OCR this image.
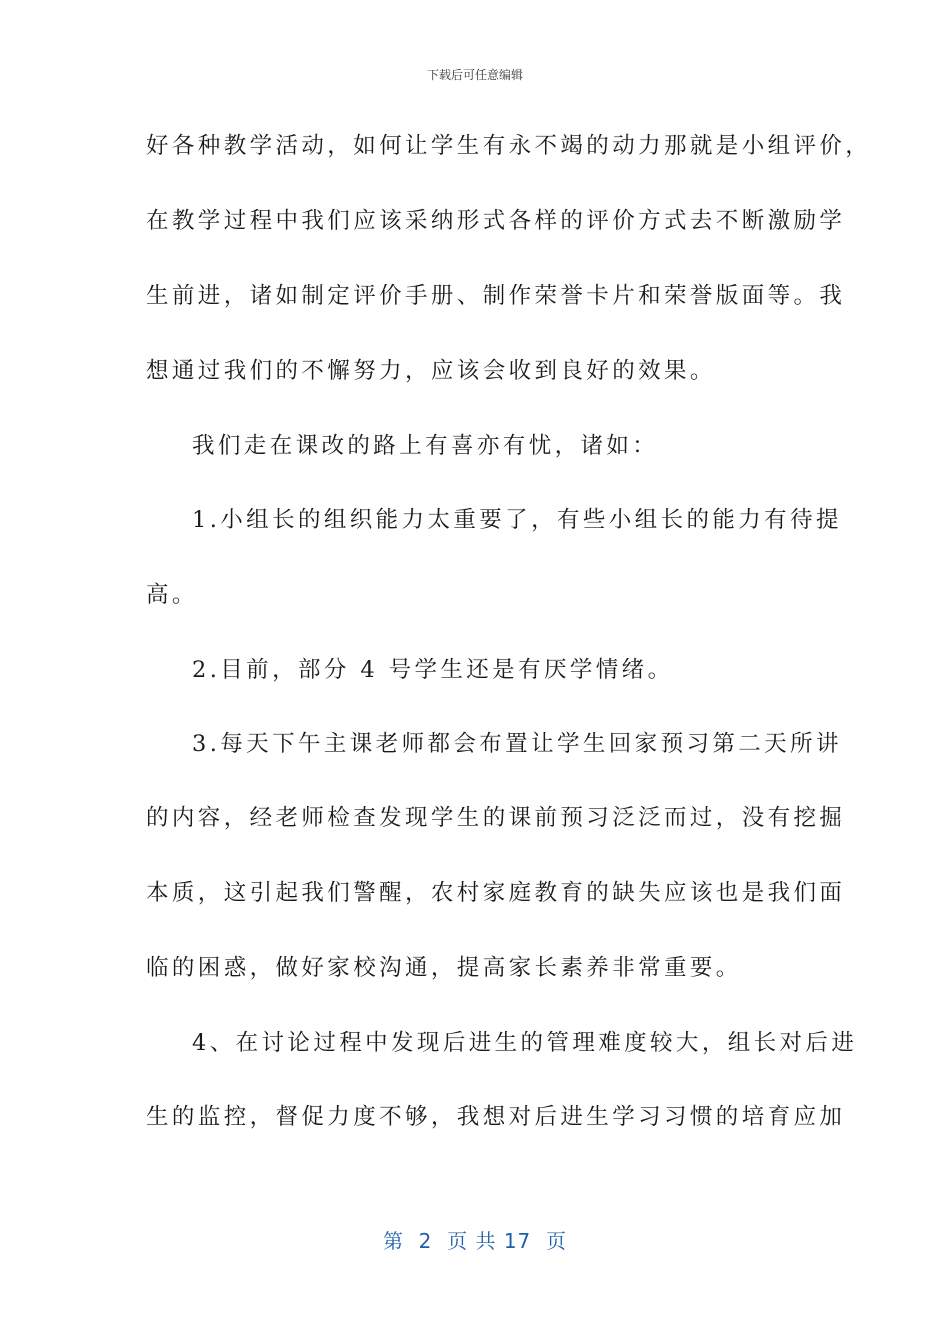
下载后可任意编辑
好各种教学活动，如何让学生有永不竭的动力那就是小组评价，
在教学过程中我们应该采纳形式各样的评价方式去不断激励学
生前进，诸如制定评价手册、制作荣誉卡片和荣誉版面等。我
想通过我们的不懈努力，应该会收到良好的效果。
我们走在课改的路上有喜亦有忧，诸如：
1.小组长的组织能力太重要了，有些小组长的能力有待提
高。
2.目前，部分 4 号学生还是有厌学情绪。
3.每天下午主课老师都会布置让学生回家预习第二天所讲
的内容，经老师检查发现学生的课前预习泛泛而过，没有挖掘
本质，这引起我们警醒，农村家庭教育的缺失应该也是我们面
临的困惑，做好家校沟通，提高家长素养非常重要。
4、在讨论过程中发现后进生的管理难度较大，组长对后进
生的监控，督促力度不够，我想对后进生学习习惯的培育应加
第  2  页 共 17  页
